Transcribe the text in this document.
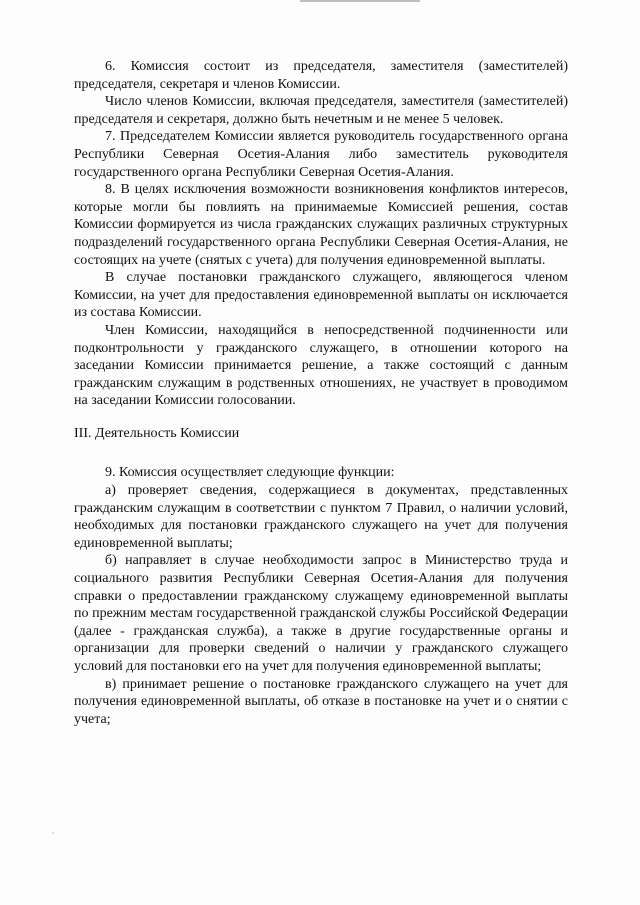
6. Комиссия состоит из председателя, заместителя (заместителей) председателя, секретаря и членов Комиссии.

Число членов Комиссии, включая председателя, заместителя (заместителей) председателя и секретаря, должно быть нечетным и не менее 5 человек.

7. Председателем Комиссии является руководитель государственного органа Республики Северная Осетия-Алания либо заместитель руководителя государственного органа Республики Северная Осетия-Алания.

8. В целях исключения возможности возникновения конфликтов интересов, которые могли бы повлиять на принимаемые Комиссией решения, состав Комиссии формируется из числа гражданских служащих различных структурных подразделений государственного органа Республики Северная Осетия-Алания, не состоящих на учете (снятых с учета) для получения единовременной выплаты.

В случае постановки гражданского служащего, являющегося членом Комиссии, на учет для предоставления единовременной выплаты он исключается из состава Комиссии.

Член Комиссии, находящийся в непосредственной подчиненности или подконтрольности у гражданского служащего, в отношении которого на заседании Комиссии принимается решение, а также состоящий с данным гражданским служащим в родственных отношениях, не участвует в проводимом на заседании Комиссии голосовании.

III. Деятельность Комиссии

9. Комиссия осуществляет следующие функции:

а) проверяет сведения, содержащиеся в документах, представленных гражданским служащим в соответствии с пунктом 7 Правил, о наличии условий, необходимых для постановки гражданского служащего на учет для получения единовременной выплаты;

б) направляет в случае необходимости запрос в Министерство труда и социального развития Республики Северная Осетия-Алания для получения справки о предоставлении гражданскому служащему единовременной выплаты по прежним местам государственной гражданской службы Российской Федерации (далее - гражданская служба), а также в другие государственные органы и организации для проверки сведений о наличии у гражданского служащего условий для постановки его на учет для получения единовременной выплаты;

в) принимает решение о постановке гражданского служащего на учет для получения единовременной выплаты, об отказе в постановке на учет и о снятии с учета;
